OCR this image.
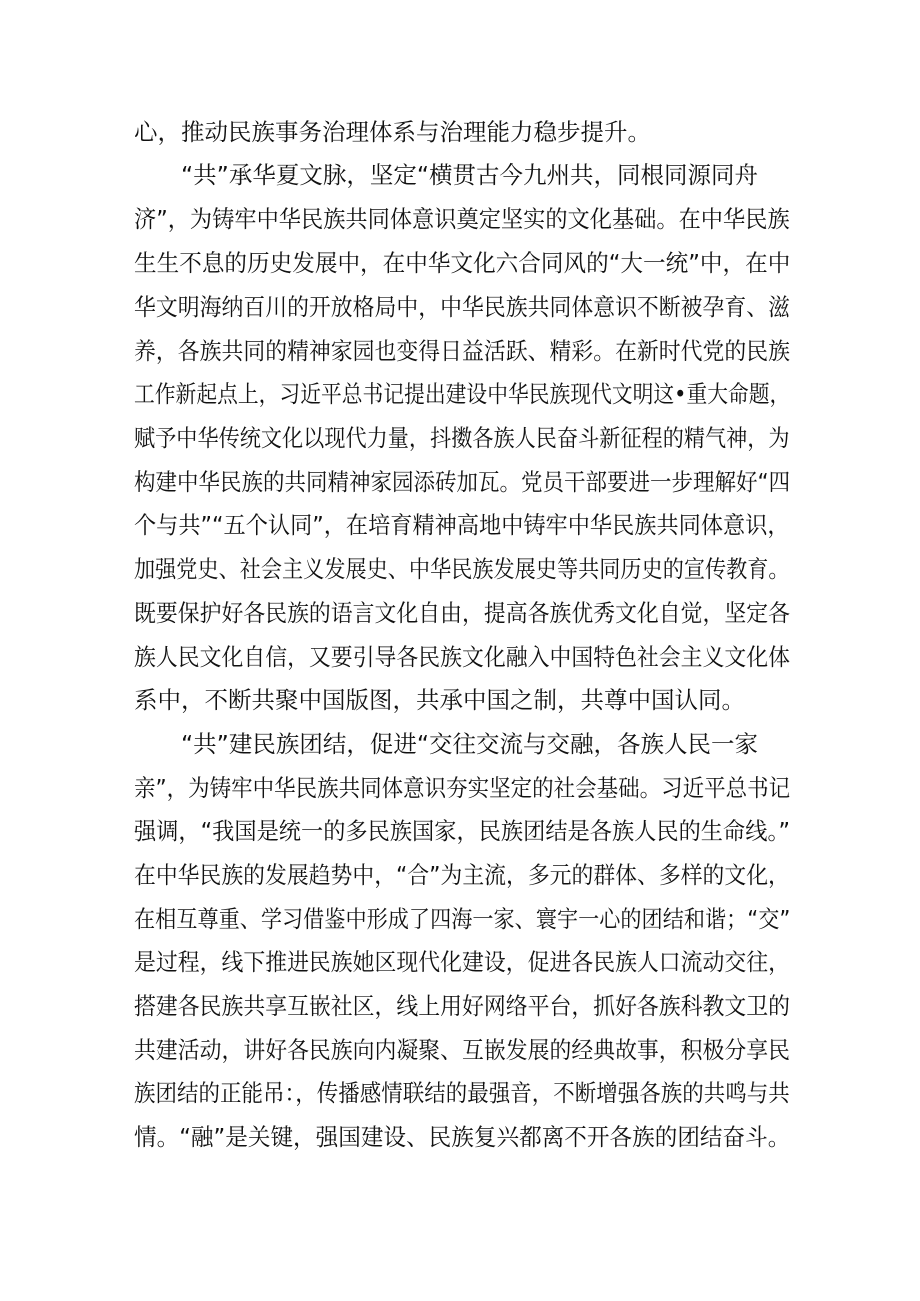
心，推动民族事务治理体系与治理能力稳步提升。

“共”承华夏文脉，坚定“横贯古今九州共，同根同源同舟

济”，为铸牢中华民族共同体意识奠定坚实的文化基础。在中华民族

生生不息的历史发展中，在中华文化六合同风的“大一统”中，在中

华文明海纳百川的开放格局中，中华民族共同体意识不断被孕育、滋

养，各族共同的精神家园也变得日益活跃、精彩。在新时代党的民族

工作新起点上，习近平总书记提出建设中华民族现代文明这•重大命题，

赋予中华传统文化以现代力量，抖擞各族人民奋斗新征程的精气神，为

构建中华民族的共同精神家园添砖加瓦。党员干部要进一步理解好“四

个与共”“五个认同”，在培育精神高地中铸牢中华民族共同体意识，

加强党史、社会主义发展史、中华民族发展史等共同历史的宣传教育。

既要保护好各民族的语言文化自由，提高各族优秀文化自觉，坚定各

族人民文化自信，又要引导各民族文化融入中国特色社会主义文化体

系中，不断共聚中国版图，共承中国之制，共尊中国认同。

“共”建民族团结，促进“交往交流与交融，各族人民一家

亲”，为铸牢中华民族共同体意识夯实坚定的社会基础。习近平总书记

强调，“我国是统一的多民族国家，民族团结是各族人民的生命线。”

在中华民族的发展趋势中，“合”为主流，多元的群体、多样的文化，

在相互尊重、学习借鉴中形成了四海一家、寰宇一心的团结和谐；“交”

是过程，线下推进民族她区现代化建设，促进各民族人口流动交往，

搭建各民族共享互嵌社区，线上用好网络平台，抓好各族科教文卫的

共建活动，讲好各民族向内凝聚、互嵌发展的经典故事，积极分享民

族团结的正能吊：，传播感情联结的最强音，不断增强各族的共鸣与共

情。“融”是关键，强国建设、民族复兴都离不开各族的团结奋斗。
